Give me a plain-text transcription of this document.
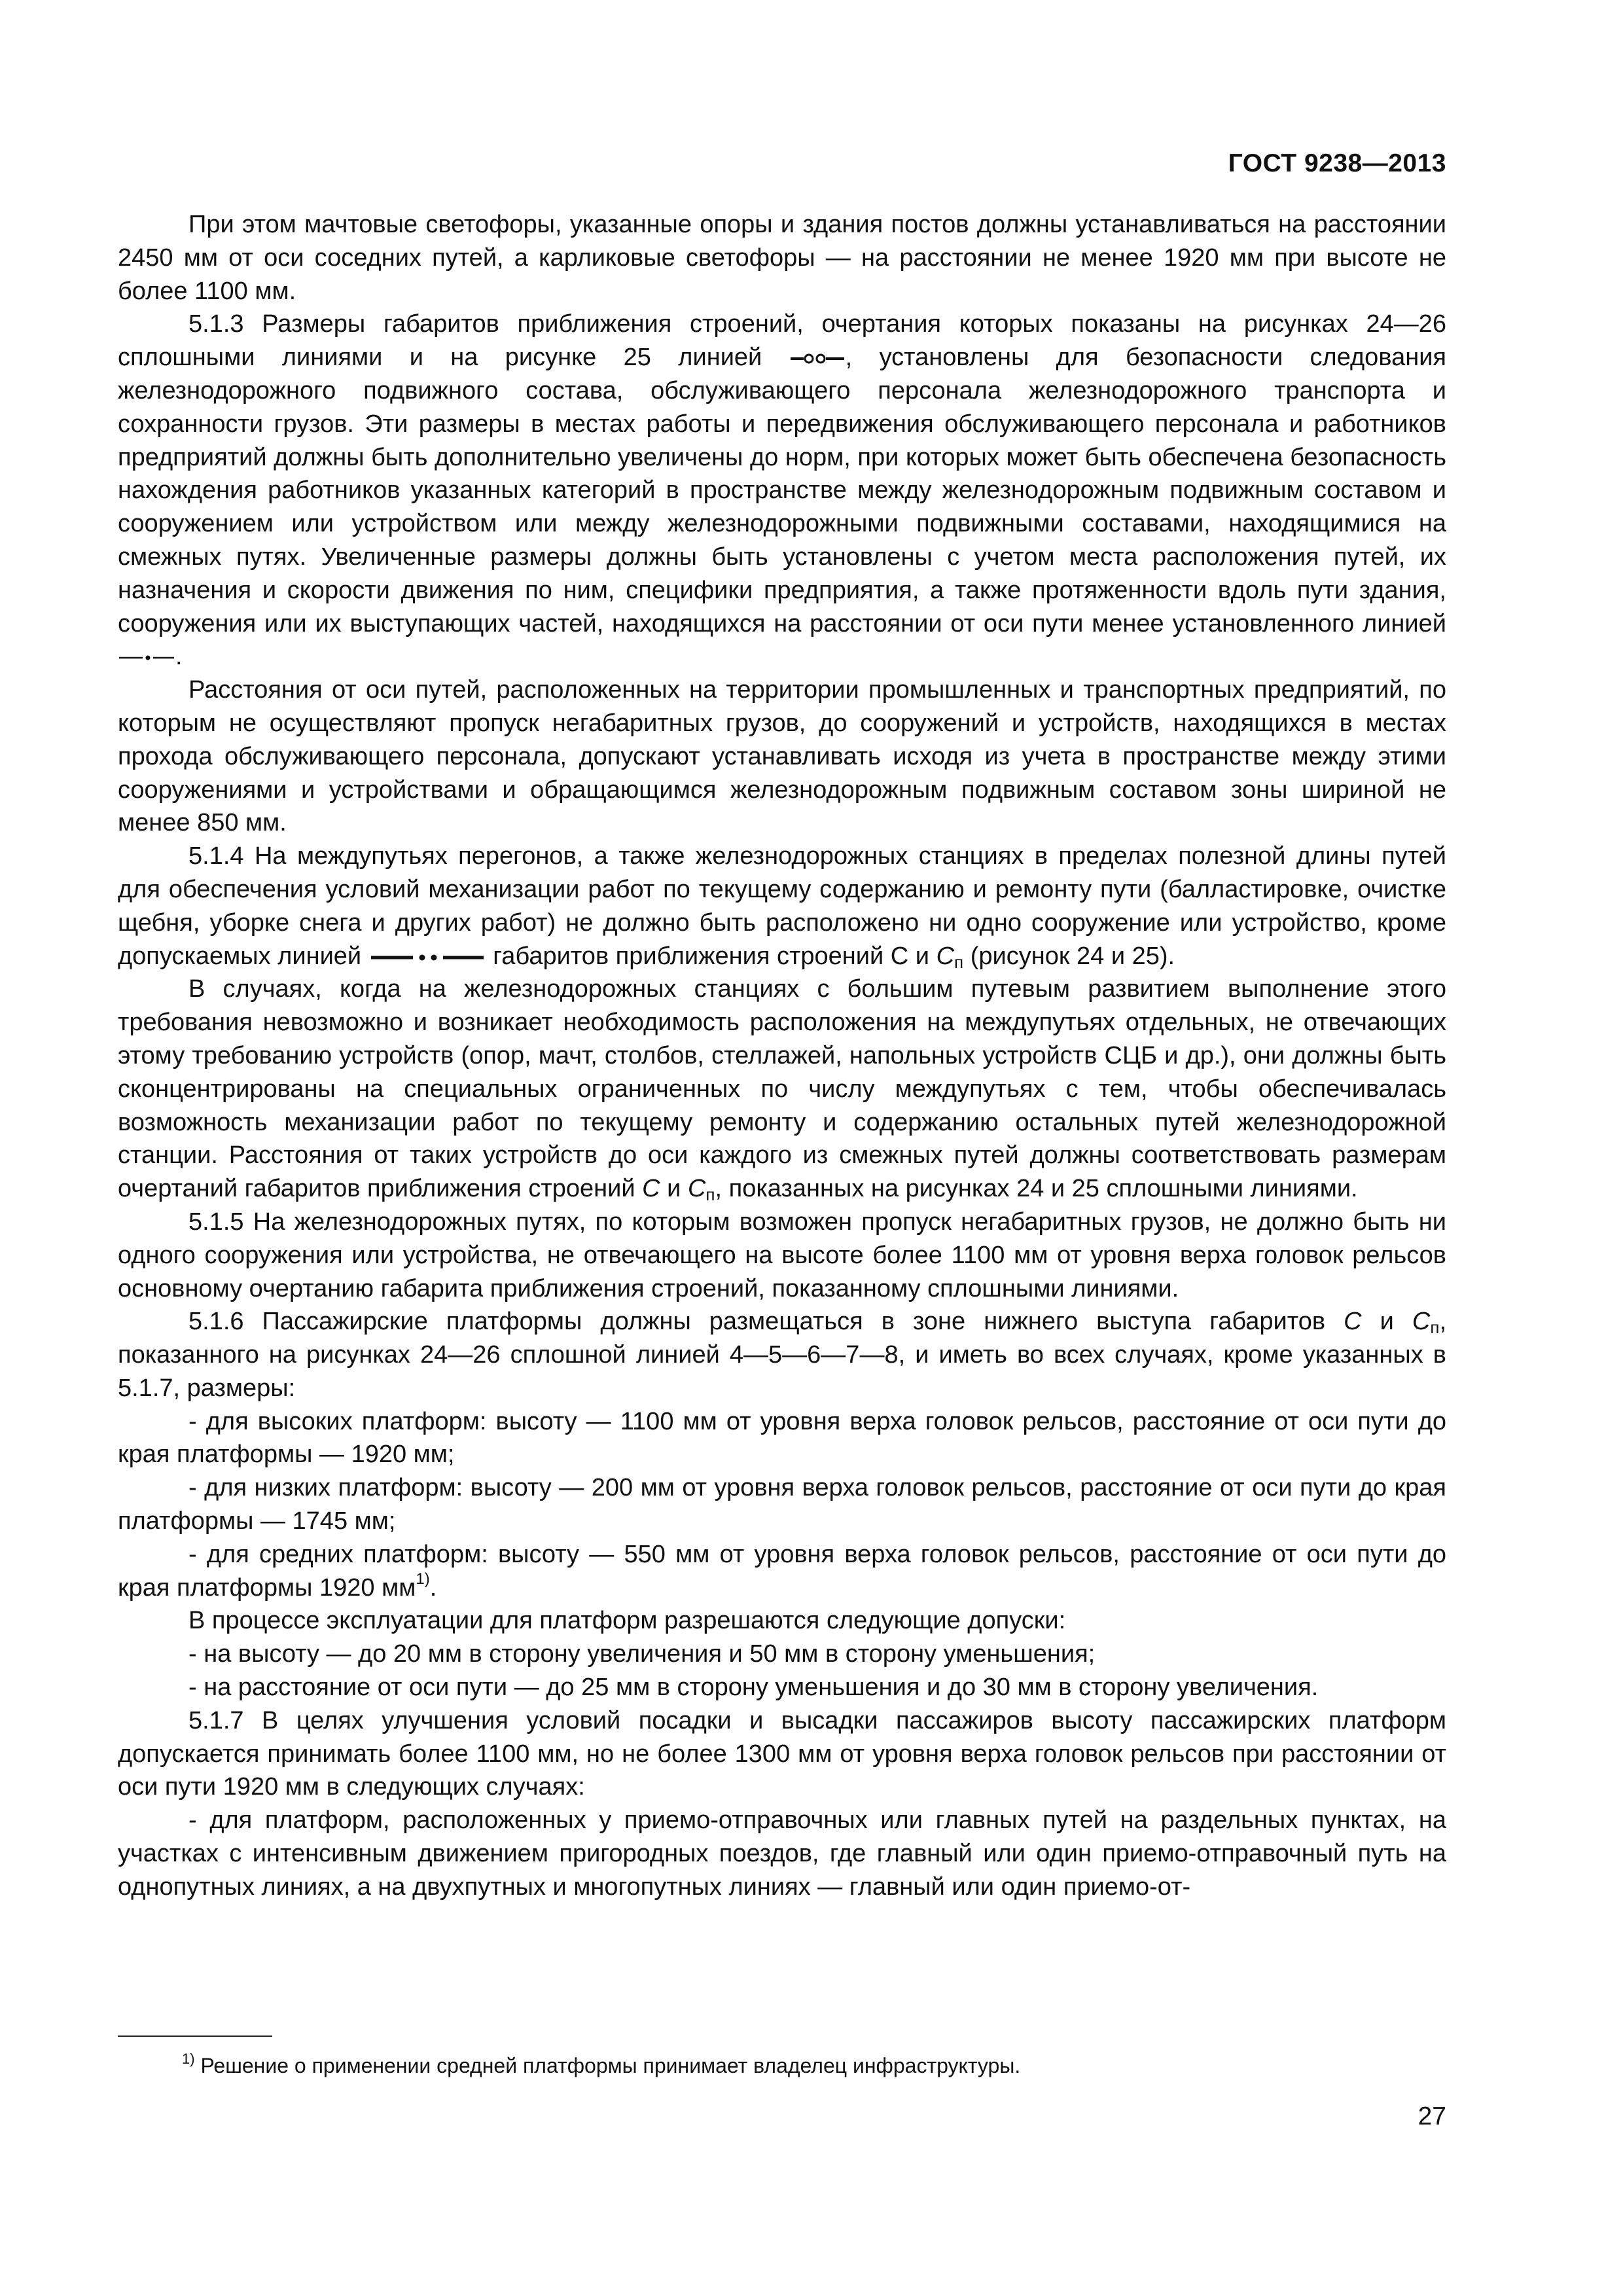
ГОСТ 9238—2013

При этом мачтовые светофоры, указанные опоры и здания постов должны устанавливаться на расстоянии 2450 мм от оси соседних путей, а карликовые светофоры — на расстоянии не менее 1920 мм при высоте не более 1100 мм.

5.1.3 Размеры габаритов приближения строений, очертания которых показаны на рисунках 24—26 сплошными линиями и на рисунке 25 линией	, установлены для безопасности следования железнодорожного подвижного состава, обслуживающего персонала железнодорожного транспорта и сохранности грузов. Эти размеры в местах работы и передвижения обслуживающего персонала и работников предприятий должны быть дополнительно увеличены до норм, при которых может быть обеспечена безопасность нахождения работников указанных категорий в пространстве между железнодорожным подвижным составом и сооружением или устройством или между железнодорожными подвижными составами, находящимися на смежных путях. Увеличенные размеры должны быть установлены с учетом места расположения путей, их назначения и скорости движения по ним, специфики предприятия, а также протяженности вдоль пути здания, сооружения или их выступающих частей, находящихся на расстоянии от оси пути менее установленного линией .

Расстояния от оси путей, расположенных на территории промышленных и транспортных предприятий, по которым не осуществляют пропуск негабаритных грузов, до сооружений и устройств, находящихся в местах прохода обслуживающего персонала, допускают устанавливать исходя из учета в пространстве между этими сооружениями и устройствами и обращающимся железнодорожным подвижным составом зоны шириной не менее 850 мм.

5.1.4 На междупутьях перегонов, а также железнодорожных станциях в пределах полезной длины путей для обеспечения условий механизации работ по текущему содержанию и ремонту пути (балластировке, очистке щебня, уборке снега и других работ) не должно быть расположено ни одно сооружение или устройство, кроме допускаемых линией	габаритов приближения строений С и $С_п$ (рисунок 24 и 25).

В случаях, когда на железнодорожных станциях с большим путевым развитием выполнение этого требования невозможно и возникает необходимость расположения на междупутьях отдельных, не отвечающих этому требованию устройств (опор, мачт, столбов, стеллажей, напольных устройств СЦБ и др.), они должны быть сконцентрированы на специальных ограниченных по числу междупутьях с тем, чтобы обеспечивалась возможность механизации работ по текущему ремонту и содержанию остальных путей железнодорожной станции. Расстояния от таких устройств до оси каждого из смежных путей должны соответствовать размерам очертаний габаритов приближения строений С и $С_п$, показанных на рисунках 24 и 25 сплошными линиями.

5.1.5 На железнодорожных путях, по которым возможен пропуск негабаритных грузов, не должно быть ни одного сооружения или устройства, не отвечающего на высоте более 1100 мм от уровня верха головок рельсов основному очертанию габарита приближения строений, показанному сплошными линиями.

5.1.6 Пассажирские платформы должны размещаться в зоне нижнего выступа габаритов С и $С_п$, показанного на рисунках 24—26 сплошной линией 4—5—6—7—8, и иметь во всех случаях, кроме указанных в 5.1.7, размеры:

- для высоких платформ: высоту — 1100 мм от уровня верха головок рельсов, расстояние от оси пути до края платформы — 1920 мм;

- для низких платформ: высоту — 200 мм от уровня верха головок рельсов, расстояние от оси пути до края платформы — 1745 мм;

- для средних платформ: высоту — 550 мм от уровня верха головок рельсов, расстояние от оси пути до края платформы 1920 $мм^{1)}$.

В процессе эксплуатации для платформ разрешаются следующие допуски:

- на высоту — до 20 мм в сторону увеличения и 50 мм в сторону уменьшения;

- на расстояние от оси пути — до 25 мм в сторону уменьшения и до 30 мм в сторону увеличения.

5.1.7 В целях улучшения условий посадки и высадки пассажиров высоту пассажирских платформ допускается принимать более 1100 мм, но не более 1300 мм от уровня верха головок рельсов при расстоянии от оси пути 1920 мм в следующих случаях:

- для платформ, расположенных у приемо-отправочных или главных путей на раздельных пунктах, на участках с интенсивным движением пригородных поездов, где главный или один приемо-отправочный путь на однопутных линиях, а на двухпутных и многопутных линиях — главный или один приемо-от-

$^{1)}$ Решение о применении средней платформы принимает владелец инфраструктуры.
27
